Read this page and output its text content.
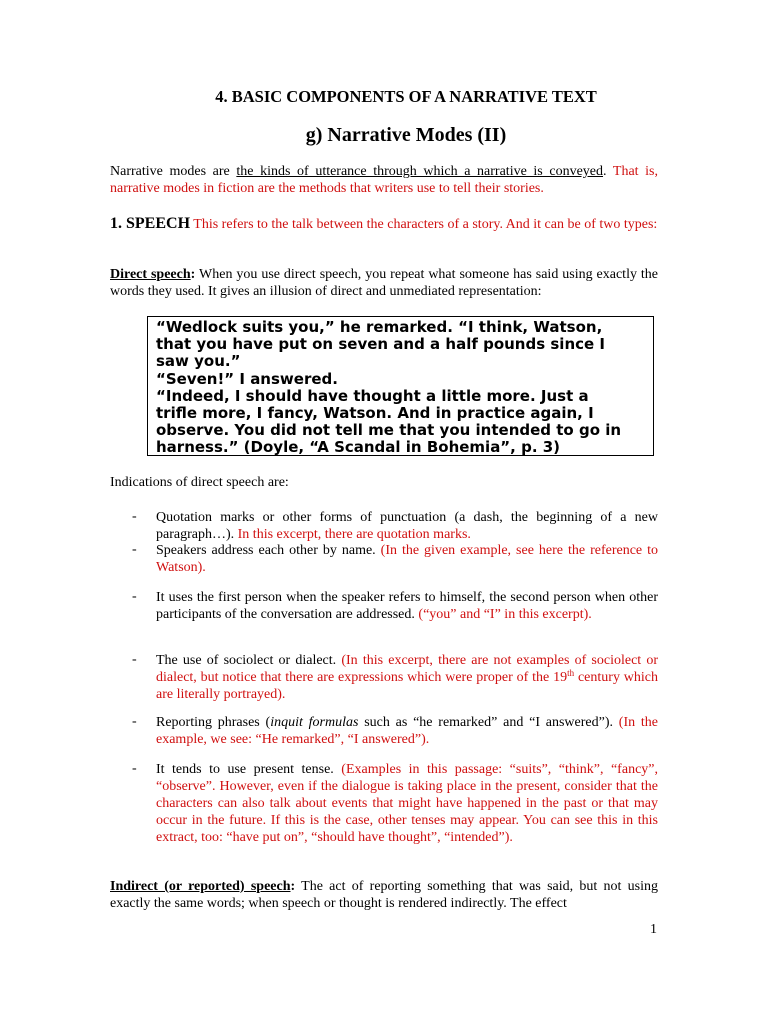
4. BASIC COMPONENTS OF A NARRATIVE TEXT
g) Narrative Modes (II)
Narrative modes are the kinds of utterance through which a narrative is conveyed. That is, narrative modes in fiction are the methods that writers use to tell their stories.
1. SPEECH This refers to the talk between the characters of a story. And it can be of two types:
Direct speech: When you use direct speech, you repeat what someone has said using exactly the words they used. It gives an illusion of direct and unmediated representation:
“Wedlock suits you,” he remarked. “I think, Watson,
that you have put on seven and a half pounds since I
saw you.”
“Seven!” I answered.
“Indeed, I should have thought a little more. Just a
trifle more, I fancy, Watson. And in practice again, I
observe. You did not tell me that you intended to go in
harness.” (Doyle, “A Scandal in Bohemia”, p. 3)
Indications of direct speech are:
- Quotation marks or other forms of punctuation (a dash, the beginning of a new paragraph…). In this excerpt, there are quotation marks.
- Speakers address each other by name. (In the given example, see here the reference to Watson).
- It uses the first person when the speaker refers to himself, the second person when other participants of the conversation are addressed. (“you” and “I” in this excerpt).
- The use of sociolect or dialect. (In this excerpt, there are not examples of sociolect or dialect, but notice that there are expressions which were proper of the 19th century which are literally portrayed).
- Reporting phrases (inquit formulas such as “he remarked” and “I answered”). (In the example, we see: “He remarked”, “I answered”).
- It tends to use present tense. (Examples in this passage: “suits”, “think”, “fancy”, “observe”. However, even if the dialogue is taking place in the present, consider that the characters can also talk about events that might have happened in the past or that may occur in the future. If this is the case, other tenses may appear. You can see this in this extract, too: “have put on”, “should have thought”, “intended”).
Indirect (or reported) speech: The act of reporting something that was said, but not using exactly the same words; when speech or thought is rendered indirectly. The effect
1
